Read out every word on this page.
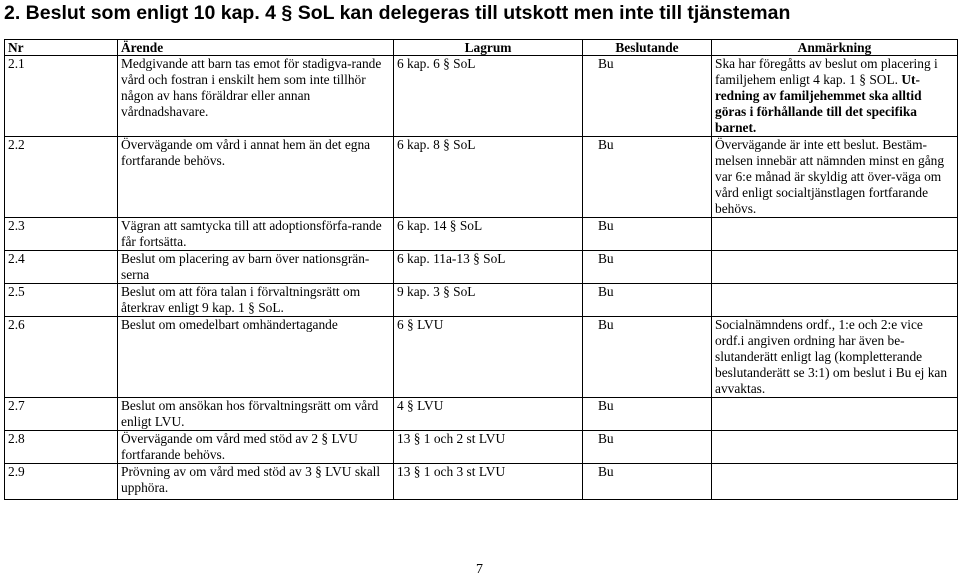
2. Beslut som enligt 10 kap. 4 § SoL kan delegeras till utskott men inte till tjänsteman
Nr	Ärende	Lagrum	Beslutande	Anmärkning
2.1	Medgivande att barn tas emot för stadigva-rande vård och fostran i enskilt hem som inte tillhör någon av hans föräldrar eller annan vårdnadshavare.	6 kap. 6 § SoL	Bu	Ska har föregåtts av beslut om placering i familjehem enligt 4 kap. 1 § SOL. Ut-redning av familjehemmet ska alltid göras i förhållande till det specifika barnet.
2.2	Övervägande om vård i annat hem än det egna fortfarande behövs.	6 kap. 8 § SoL	Bu	Övervägande är inte ett beslut. Bestäm-melsen innebär att nämnden minst en gång var 6:e månad är skyldig att över-väga om vård enligt socialtjänstlagen fortfarande behövs.
2.3	Vägran att samtycka till att adoptionsförfa-rande får fortsätta.	6 kap. 14 § SoL	Bu	
2.4	Beslut om placering av barn över nationsgrän-serna	6 kap. 11a-13 § SoL	Bu	
2.5	Beslut om att föra talan i förvaltningsrätt om återkrav enligt 9 kap. 1 § SoL.	9 kap. 3 § SoL	Bu	
2.6	Beslut om omedelbart omhändertagande	6 § LVU	Bu	Socialnämndens ordf., 1:e och 2:e vice ordf.i angiven ordning har även be-slutanderätt enligt lag (kompletterande beslutanderätt se 3:1) om beslut i Bu ej kan avvaktas.
2.7	Beslut om ansökan hos förvaltningsrätt om vård enligt LVU.	4 § LVU	Bu	
2.8	Övervägande om vård med stöd av 2 § LVU fortfarande behövs.	13 § 1 och 2 st LVU	Bu	
2.9	Prövning av om vård med stöd av 3 § LVU skall upphöra.	13 § 1 och 3 st LVU	Bu	
7
